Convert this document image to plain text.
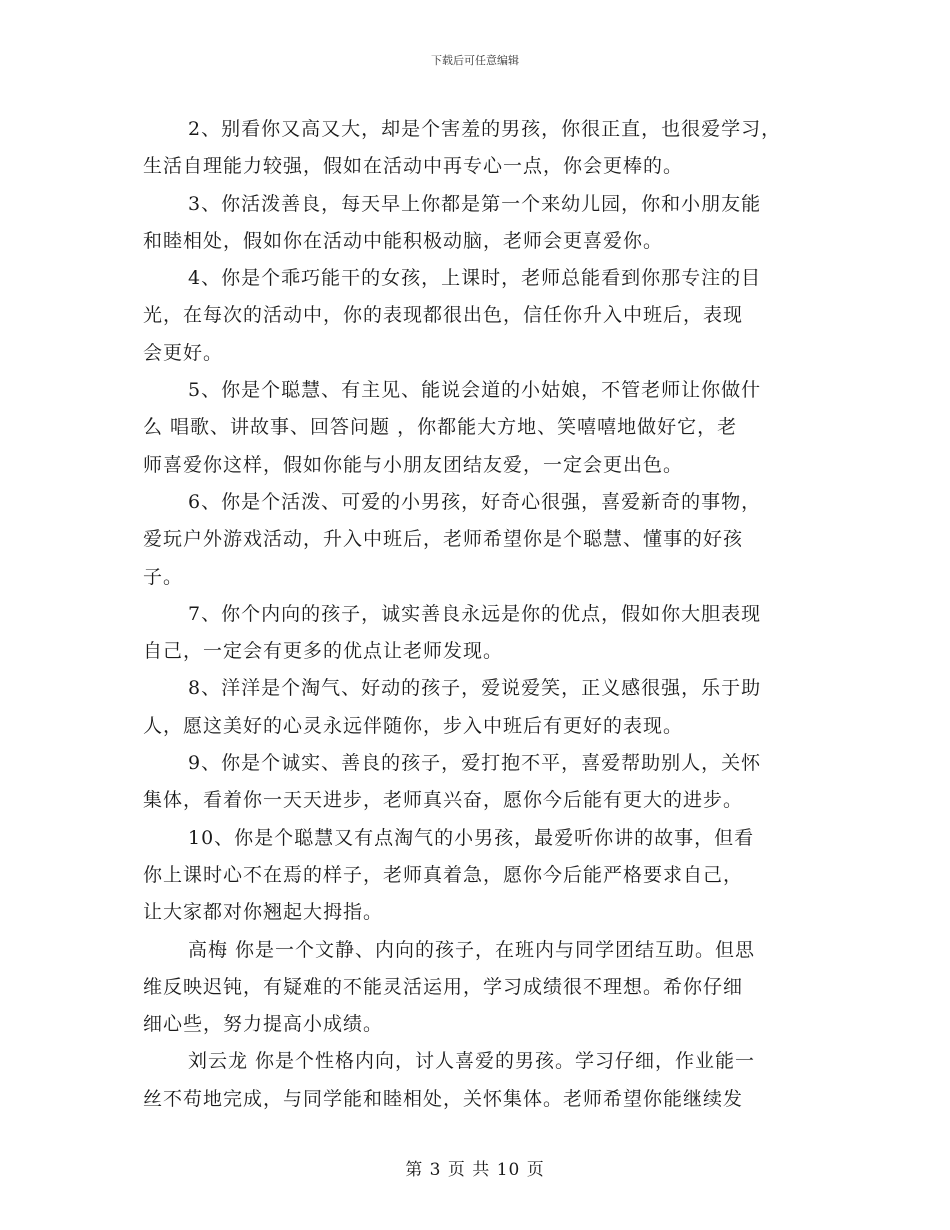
下载后可任意编辑

2、别看你又高又大，却是个害羞的男孩，你很正直，也很爱学习，
生活自理能力较强，假如在活动中再专心一点，你会更棒的。

3、你活泼善良，每天早上你都是第一个来幼儿园，你和小朋友能
和睦相处，假如你在活动中能积极动脑，老师会更喜爱你。

4、你是个乖巧能干的女孩，上课时，老师总能看到你那专注的目
光，在每次的活动中，你的表现都很出色，信任你升入中班后，表现
会更好。

5、你是个聪慧、有主见、能说会道的小姑娘，不管老师让你做什
么 唱歌、讲故事、回答问题 ，你都能大方地、笑嘻嘻地做好它，老
师喜爱你这样，假如你能与小朋友团结友爱，一定会更出色。

6、你是个活泼、可爱的小男孩，好奇心很强，喜爱新奇的事物，
爱玩户外游戏活动，升入中班后，老师希望你是个聪慧、懂事的好孩
子。

7、你个内向的孩子，诚实善良永远是你的优点，假如你大胆表现
自己，一定会有更多的优点让老师发现。

8、洋洋是个淘气、好动的孩子，爱说爱笑，正义感很强，乐于助
人，愿这美好的心灵永远伴随你，步入中班后有更好的表现。

9、你是个诚实、善良的孩子，爱打抱不平，喜爱帮助别人，关怀
集体，看着你一天天进步，老师真兴奋，愿你今后能有更大的进步。

10、你是个聪慧又有点淘气的小男孩，最爱听你讲的故事，但看
你上课时心不在焉的样子，老师真着急，愿你今后能严格要求自己，
让大家都对你翘起大拇指。

高梅 你是一个文静、内向的孩子，在班内与同学团结互助。但思
维反映迟钝，有疑难的不能灵活运用，学习成绩很不理想。希你仔细
细心些，努力提高小成绩。

刘云龙 你是个性格内向，讨人喜爱的男孩。学习仔细，作业能一
丝不苟地完成，与同学能和睦相处，关怀集体。老师希望你能继续发

第 3 页 共 10 页
